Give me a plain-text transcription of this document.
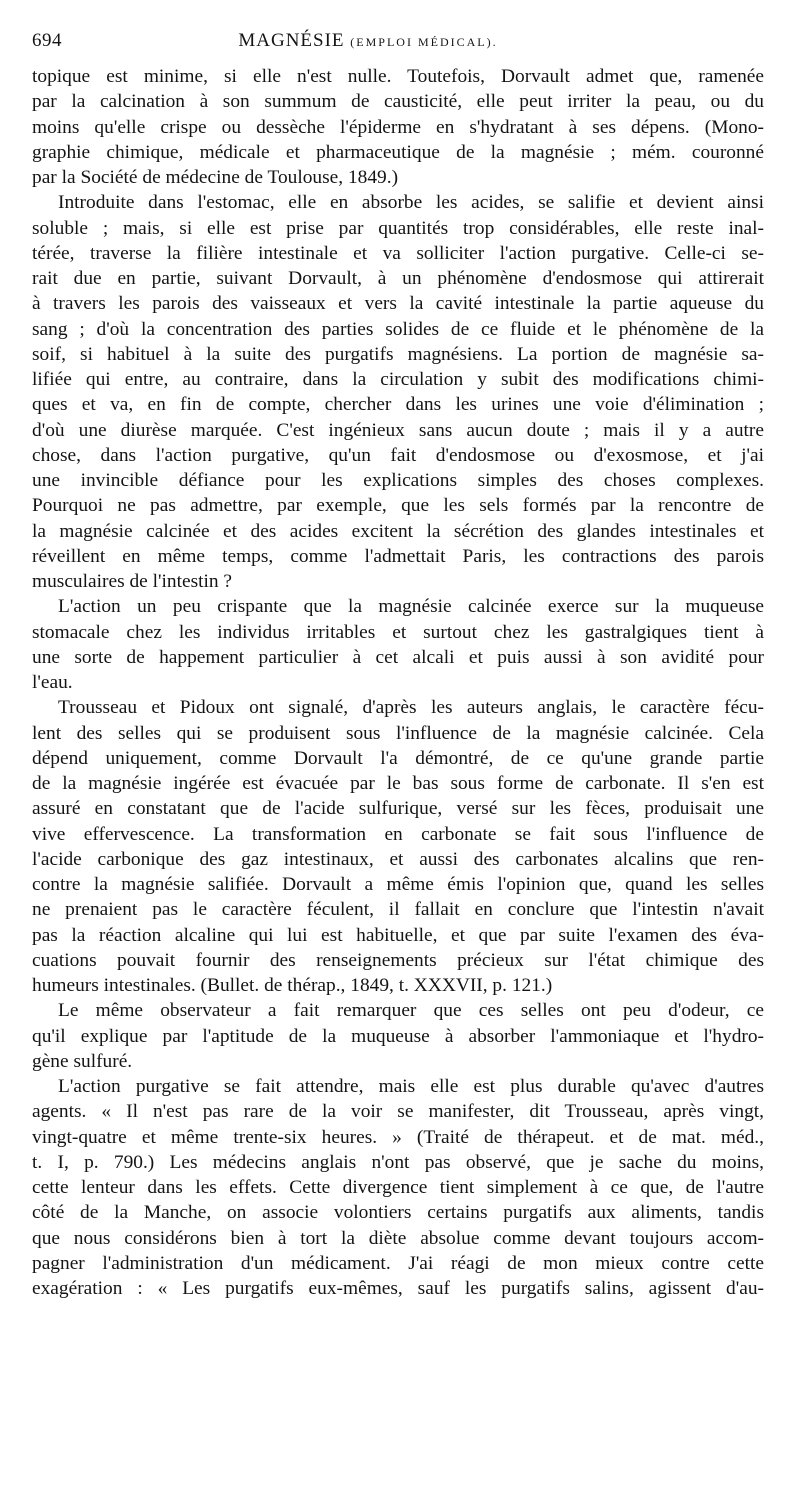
694	MAGNÉSIE (EMPLOI MÉDICAL).
topique est minime, si elle n'est nulle. Toutefois, Dorvault admet que, ramenée
par la calcination à son summum de causticité, elle peut irriter la peau, ou du
moins qu'elle crispe ou dessèche l'épiderme en s'hydratant à ses dépens. (Mono-
graphie chimique, médicale et pharmaceutique de la magnésie ; mém. couronné
par la Société de médecine de Toulouse, 1849.)
Introduite dans l'estomac, elle en absorbe les acides, se salifie et devient ainsi
soluble ; mais, si elle est prise par quantités trop considérables, elle reste inal-
térée, traverse la filière intestinale et va solliciter l'action purgative. Celle-ci se-
rait due en partie, suivant Dorvault, à un phénomène d'endosmose qui attirerait
à travers les parois des vaisseaux et vers la cavité intestinale la partie aqueuse du
sang ; d'où la concentration des parties solides de ce fluide et le phénomène de la
soif, si habituel à la suite des purgatifs magnésiens. La portion de magnésie sa-
lifiée qui entre, au contraire, dans la circulation y subit des modifications chimi-
ques et va, en fin de compte, chercher dans les urines une voie d'élimination ;
d'où une diurèse marquée. C'est ingénieux sans aucun doute ; mais il y a autre
chose, dans l'action purgative, qu'un fait d'endosmose ou d'exosmose, et j'ai
une invincible défiance pour les explications simples des choses complexes.
Pourquoi ne pas admettre, par exemple, que les sels formés par la rencontre de
la magnésie calcinée et des acides excitent la sécrétion des glandes intestinales et
réveillent en même temps, comme l'admettait Paris, les contractions des parois
musculaires de l'intestin ?
L'action un peu crispante que la magnésie calcinée exerce sur la muqueuse
stomacale chez les individus irritables et surtout chez les gastralgiques tient à
une sorte de happement particulier à cet alcali et puis aussi à son avidité pour
l'eau.
Trousseau et Pidoux ont signalé, d'après les auteurs anglais, le caractère fécu-
lent des selles qui se produisent sous l'influence de la magnésie calcinée. Cela
dépend uniquement, comme Dorvault l'a démontré, de ce qu'une grande partie
de la magnésie ingérée est évacuée par le bas sous forme de carbonate. Il s'en est
assuré en constatant que de l'acide sulfurique, versé sur les fèces, produisait une
vive effervescence. La transformation en carbonate se fait sous l'influence de
l'acide carbonique des gaz intestinaux, et aussi des carbonates alcalins que ren-
contre la magnésie salifiée. Dorvault a même émis l'opinion que, quand les selles
ne prenaient pas le caractère féculent, il fallait en conclure que l'intestin n'avait
pas la réaction alcaline qui lui est habituelle, et que par suite l'examen des éva-
cuations pouvait fournir des renseignements précieux sur l'état chimique des
humeurs intestinales. (Bullet. de thérap., 1849, t. XXXVII, p. 121.)
Le même observateur a fait remarquer que ces selles ont peu d'odeur, ce
qu'il explique par l'aptitude de la muqueuse à absorber l'ammoniaque et l'hydro-
gène sulfuré.
L'action purgative se fait attendre, mais elle est plus durable qu'avec d'autres
agents. « Il n'est pas rare de la voir se manifester, dit Trousseau, après vingt,
vingt-quatre et même trente-six heures. » (Traité de thérapeut. et de mat. méd.,
t. I, p. 790.) Les médecins anglais n'ont pas observé, que je sache du moins,
cette lenteur dans les effets. Cette divergence tient simplement à ce que, de l'autre
côté de la Manche, on associe volontiers certains purgatifs aux aliments, tandis
que nous considérons bien à tort la diète absolue comme devant toujours accom-
pagner l'administration d'un médicament. J'ai réagi de mon mieux contre cette
exagération : « Les purgatifs eux-mêmes, sauf les purgatifs salins, agissent d'au-
